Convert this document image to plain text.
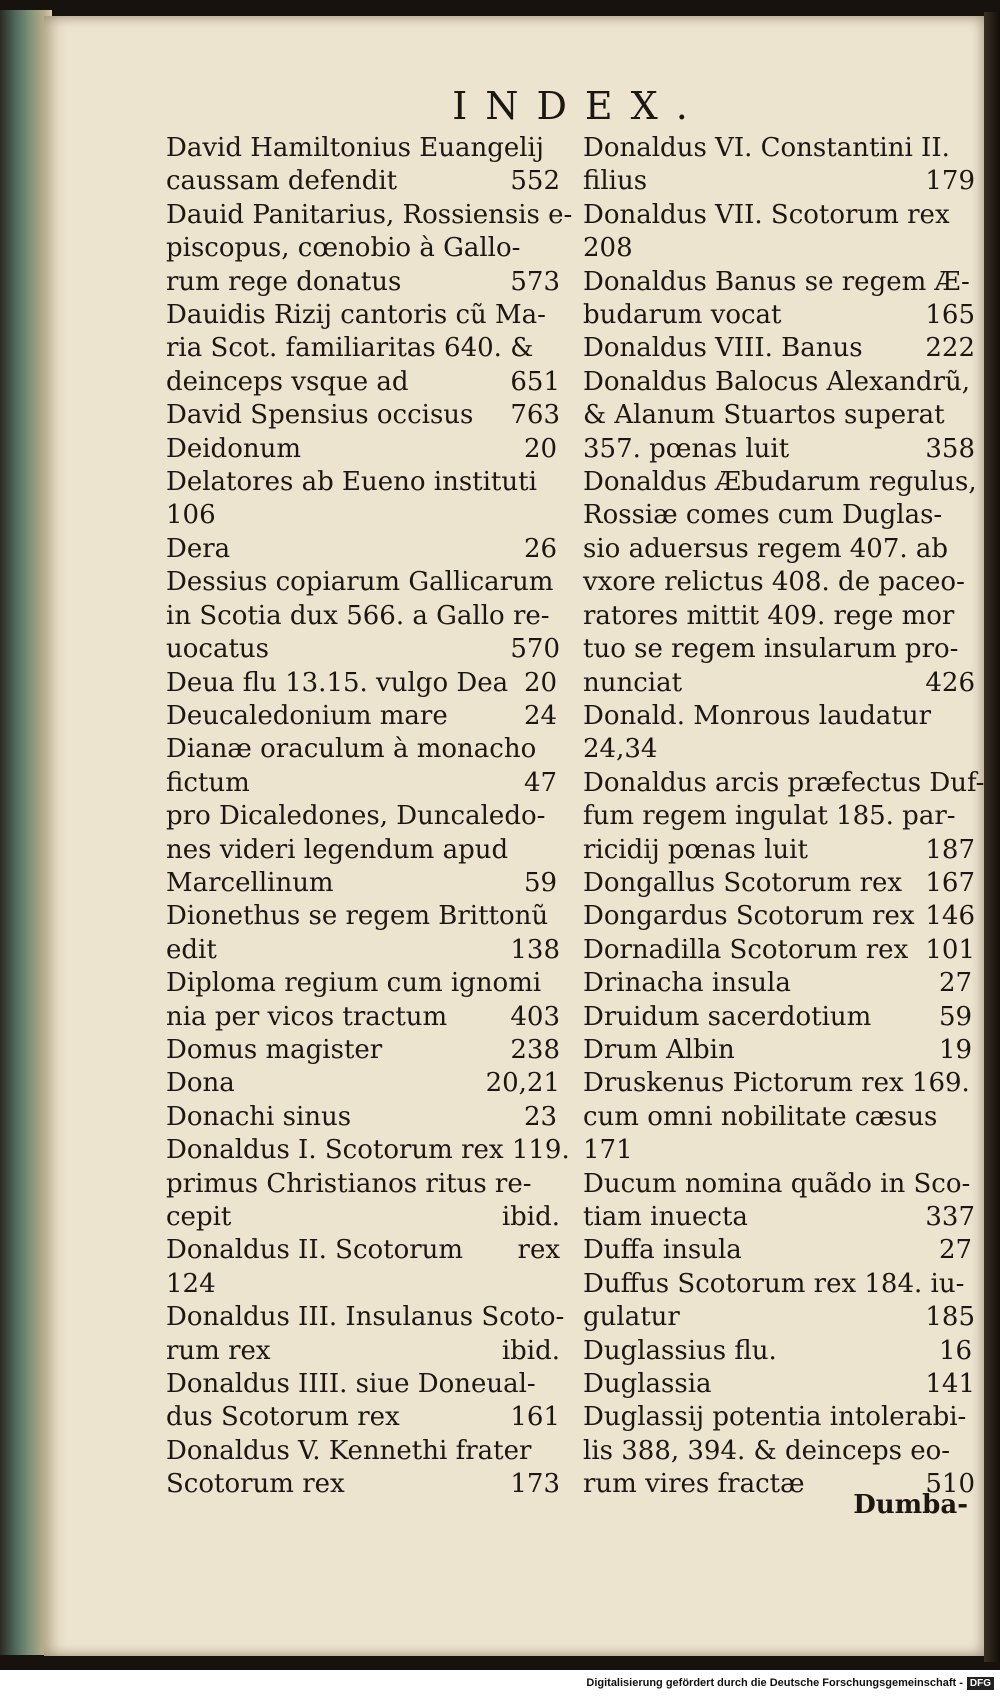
INDEX.
David Hamiltonius Euangelij
caussam defendit	552
Dauid Panitarius, Rossiensis e-
piscopus, cœnobio à Gallo-
rum rege donatus	573
Dauidis Rizij cantoris cũ Ma-
ria Scot. familiaritas 640. &
deinceps vsque ad	651
David Spensius occisus 763
Deidonum	20
Delatores ab Eueno instituti
106
Dera	26
Dessius copiarum Gallicarum
in Scotia dux 566. a Gallo re-
uocatus	570
Deua flu 13.15. vulgo Dea 20
Deucaledonium mare	24
Dianæ oraculum à monacho
fictum	47
pro Dicaledones, Duncaledo-
nes videri legendum apud
Marcellinum	59
Dionethus se regem Brittonũ
edit	138
Diploma regium cum ignomi
nia per vicos tractum 403
Domus magister	238
Dona	20,21
Donachi sinus	23
Donaldus I. Scotorum rex 119.
primus Christianos ritus re-
cepit	ibid.
Donaldus II. Scotorum rex
124
Donaldus III. Insulanus Scoto-
rum rex	ibid.
Donaldus IIII. siue Doneual-
dus Scotorum rex	161
Donaldus V. Kennethi frater
Scotorum rex	173
Donaldus VI. Constantini II.
filius	179
Donaldus VII. Scotorum rex
208
Donaldus Banus se regem Æ-
budarum vocat	165
Donaldus VIII. Banus 222
Donaldus Balocus Alexandrũ,
& Alanum Stuartos superat
357. pœnas luit	358
Donaldus Æbudarum regulus,
Rossiæ comes cum Duglas-
sio aduersus regem 407. ab
vxore relictus 408. de paceo-
ratores mittit 409. rege mor
tuo se regem insularum pro-
nunciat	426
Donald. Monrous laudatur
24,34
Donaldus arcis præfectus Duf-
fum regem ingulat 185. par-
ricidij pœnas luit	187
Dongallus Scotorum rex 167
Dongardus Scotorum rex 146
Dornadilla Scotorum rex 101
Drinacha insula	27
Druidum sacerdotium	59
Drum Albin	19
Druskenus Pictorum rex 169.
cum omni nobilitate cæsus
171
Ducum nomina quãdo in Sco-
tiam inuecta	337
Duffa insula	27
Duffus Scotorum rex 184. iu-
gulatur	185
Duglassius flu.	16
Duglassia	141
Duglassij potentia intolerabi-
lis 388, 394. & deinceps eo-
rum vires fractæ	510
Dumba-
Digitalisierung gefördert durch die Deutsche Forschungsgemeinschaft - DFG
